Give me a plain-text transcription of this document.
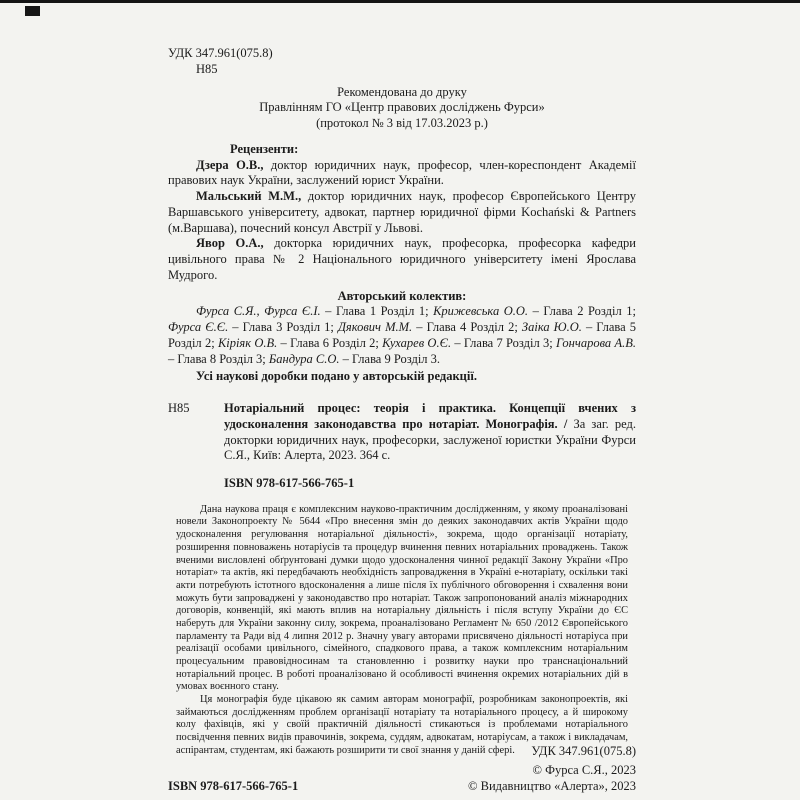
УДК 347.961(075.8)
Н85
Рекомендована до друку
Правлінням ГО «Центр правових досліджень Фурси»
(протокол № 3 від 17.03.2023 р.)
Рецензенти:

Дзера О.В., доктор юридичних наук, професор, член-кореспондент Академії правових наук України, заслужений юрист України.

Мальський М.М., доктор юридичних наук, професор Європейського Центру Варшавського університету, адвокат, партнер юридичної фірми Kochański & Partners (м.Варшава), почесний консул Австрії у Львові.

Явор О.А., докторка юридичних наук, професорка, професорка кафедри цивільного права № 2 Національного юридичного університету імені Ярослава Мудрого.

Авторський колектив:

Фурса С.Я., Фурса Є.І. – Глава 1 Розділ 1; Крижевська О.О. – Глава 2 Розділ 1; Фурса Є.Є. – Глава 3 Розділ 1; Дякович М.М. – Глава 4 Розділ 2; Заіка Ю.О. – Глава 5 Розділ 2; Кіріяк О.В. – Глава 6 Розділ 2; Кухарев О.Є. – Глава 7 Розділ 3; Гончарова А.В. – Глава 8 Розділ 3; Бандура С.О. – Глава 9 Розділ 3.

Усі наукові доробки подано у авторській редакції.

Н85	Нотаріальний процес: теорія і практика. Концепції вчених з удосконалення законодавства про нотаріат. Монографія. / За заг. ред. докторки юридичних наук, професорки, заслуженої юристки України Фурси С.Я., Київ: Алерта, 2023. 364 с.
ISBN 978-617-566-765-1

Дана наукова праця є комплексним науково-практичним дослідженням, у якому проаналізовані новели Законопроекту № 5644 «Про внесення змін до деяких законодавчих актів України щодо удосконалення регулювання нотаріальної діяльності», зокрема, щодо організації нотаріату, розширення повноважень нотаріусів та процедур вчинення певних нотаріальних проваджень. Також вченими висловлені обґрунтовані думки щодо удосконалення чинної редакції Закону України «Про нотаріат» та актів, які передбачають необхідність запровадження в Україні е-нотаріату, оскільки такі акти потребують істотного вдосконалення а лише після їх публічного обговорення і схвалення вони можуть бути запроваджені у законодавство про нотаріат. Також запропонований аналіз міжнародних договорів, конвенцій, які мають вплив на нотаріальну діяльність і після вступу України до ЄС наберуть для України законну силу, зокрема, проаналізовано Регламент № 650 /2012 Європейського парламенту та Ради від 4 липня 2012 р. Значну увагу авторами присвячено діяльності нотаріуса при реалізації особами цивільного, сімейного, спадкового права, а також комплексним нотаріальним процесуальним правовідносинам та становленню і розвитку науки про транснаціональний нотаріальний процес. В роботі проаналізовано й особливості вчинення окремих нотаріальних дій в умовах воєнного стану.

Ця монографія буде цікавою як самим авторам монографії, розробникам законопроектів, які займаються дослідженням проблем організації нотаріату та нотаріального процесу, а й широкому колу фахівців, які у своїй практичній діяльності стикаються із проблемами нотаріального посвідчення певних видів правочинів, зокрема, суддям, адвокатам, нотаріусам, а також і викладачам, аспірантам, студентам, які бажають розширити ти свої знання у даній сфері.	УДК 347.961(075.8)
ISBN 978-617-566-765-1
© Фурса С.Я., 2023
© Видавництво «Алерта», 2023
